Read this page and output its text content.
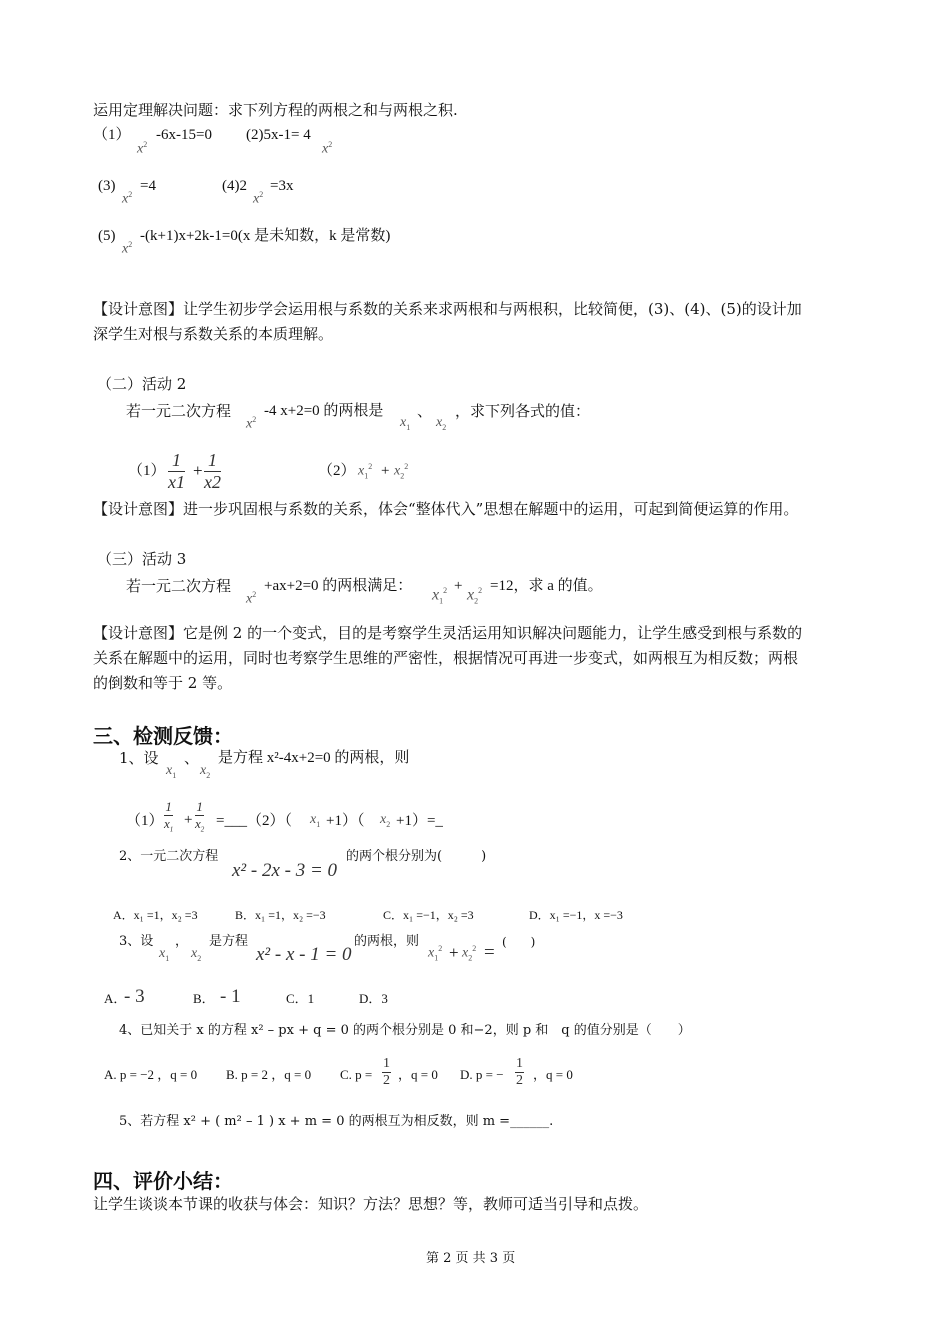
运用定理解决问题：求下列方程的两根之和与两根之积.
（1）
$x^2$
-6x-15=0 (2)5x-1= 4
$x^2$
(3)
$x^2$
=4	(4)2
$x^2$
=3x
(5)
$x^2$
-(k+1)x+2k-1=0(x 是未知数，k 是常数)
【设计意图】让学生初步学会运用根与系数的关系来求两根和与两根积，比较简便，(3)、(4)、(5)的设计加
深学生对根与系数关系的本质理解。
（二）活动 2
若一元二次方程
$x^2$
-4 x+2=0 的两根是
$x_1$
、
$x_2$
，求下列各式的值：
$(1) \frac{1}{x1} + \frac{1}{x2}$	（2） $x_1^2 + x_2^2$
【设计意图】进一步巩固根与系数的关系，体会“整体代入”思想在解题中的运用，可起到简便运算的作用。
（三）活动 3
若一元二次方程
$x^2$
+ax+2=0 的两根满足：
$x_1^2$ +
$x_2^2 =12$，求 a 的值。
【设计意图】它是例 2 的一个变式，目的是考察学生灵活运用知识解决问题能力，让学生感受到根与系数的
关系在解题中的运用，同时也考察学生思维的严密性，根据情况可再进一步变式，如两根互为相反数；两根
的倒数和等于 2 等。
三、检测反馈：
1、设
$x_1$
、
$x_2$
是方程 x²-4x+2=0 的两根，则
$(1) \frac{1}{x_1} + \frac{1}{x_2}$ =___（2）（ $x_1 +1$）（ $x_2$ +1）=_
2、一元二次方程
x² - 2x - 3 = 0
的两个根分别为(　　　)
A．x₁ =1，x₂ =3	B．x₁ =1，x₂ =−3	C．x₁ =−1，x₂ =3	D．x₁ =−1，x =−3
3、设
$x_1$
，
$x_2$
是方程
x² - x - 1 = 0
的两根，则
$x_1^2 + x_2^2$ = (　　)
A．
- 3	B． - 1	C．1	D．3
4、已知关于 x 的方程 x² – px + q = 0 的两个根分别是 0 和−2，则 p 和　q 的值分别是（　　）
A. p = −2 ，q = 0 B. p = 2 ，q = 0 C. $p = \frac{1}{2}$ ，q = 0 D. p = − $\frac{1}{2}$ ，q = 0
5、若方程 x² + ( m² – 1 ) x + m = 0 的两根互为相反数，则 m =______.
四、评价小结：
让学生谈谈本节课的收获与体会：知识？方法？思想？等，教师可适当引导和点拨。
第 2 页 共 3 页
